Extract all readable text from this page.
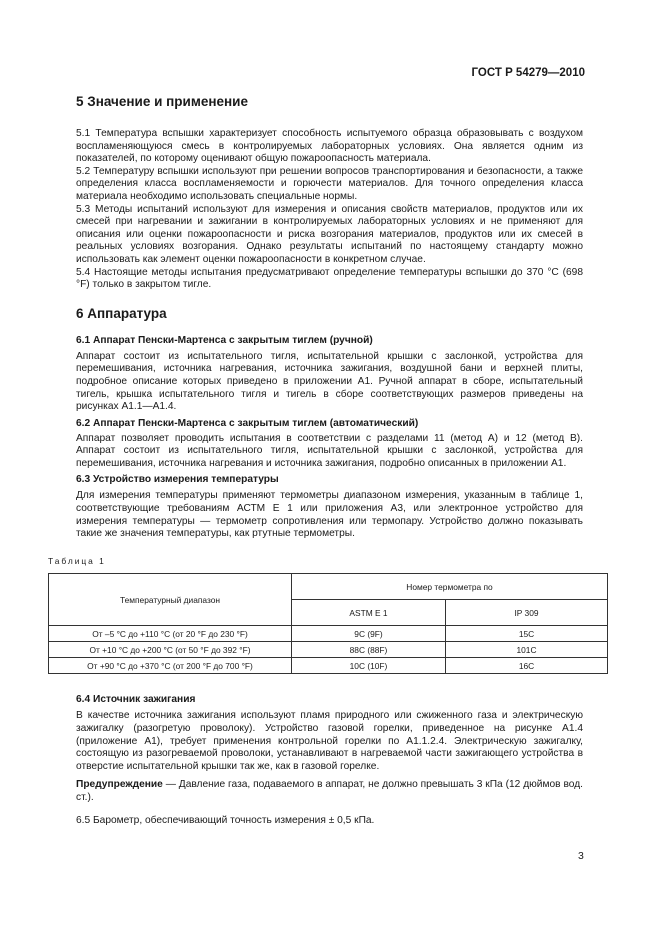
ГОСТ Р 54279—2010
5 Значение и применение

5.1 Температура вспышки характеризует способность испытуемого образца образовывать с воздухом воспламеняющуюся смесь в контролируемых лабораторных условиях. Она является одним из показателей, по которому оценивают общую пожароопасность материала.

5.2 Температуру вспышки используют при решении вопросов транспортирования и безопасности, а также определения класса воспламеняемости и горючести материалов. Для точного определения класса материала необходимо использовать специальные нормы.

5.3 Методы испытаний используют для измерения и описания свойств материалов, продуктов или их смесей при нагревании и зажигании в контролируемых лабораторных условиях и не применяют для описания или оценки пожароопасности и риска возгорания материалов, продуктов или их смесей в реальных условиях возгорания. Однако результаты испытаний по настоящему стандарту можно использовать как элемент оценки пожароопасности в конкретном случае.

5.4 Настоящие методы испытания предусматривают определение температуры вспышки до 370 °С (698 °F) только в закрытом тигле.

6 Аппаратура
6.1 Аппарат Пенски-Мартенса с закрытым тиглем (ручной)

Аппарат состоит из испытательного тигля, испытательной крышки с заслонкой, устройства для перемешивания, источника нагревания, источника зажигания, воздушной бани и верхней плиты, подробное описание которых приведено в приложении А1. Ручной аппарат в сборе, испытательный тигель, крышка испытательного тигля и тигель в сборе соответствующих размеров приведены на рисунках А1.1—А1.4.

6.2 Аппарат Пенски-Мартенса с закрытым тиглем (автоматический)

Аппарат позволяет проводить испытания в соответствии с разделами 11 (метод А) и 12 (метод В). Аппарат состоит из испытательного тигля, испытательной крышки с заслонкой, устройства для перемешивания, источника нагревания и источника зажигания, подробно описанных в приложении А1.

6.3 Устройство измерения температуры

Для измерения температуры применяют термометры диапазоном измерения, указанным в таблице 1, соответствующие требованиям АСТМ Е 1 или приложения А3, или электронное устройство для измерения температуры — термометр сопротивления или термопару. Устройство должно показывать такие же значения температуры, как ртутные термометры.

Таблица 1

Температурный диапазон	Номер термометра по	
	ASTM E 1	IP 309
От –5 °С до +110 °С (от 20 °F до 230 °F)	9C (9F)	15C
От +10 °С до +200 °С (от 50 °F до 392 °F)	88C (88F)	101C
От +90 °С до +370 °С (от 200 °F до 700 °F)	10C (10F)	16C
6.4 Источник зажигания

В качестве источника зажигания используют пламя природного или сжиженного газа и электрическую зажигалку (разогретую проволоку). Устройство газовой горелки, приведенное на рисунке А1.4 (приложение А1), требует применения контрольной горелки по А1.1.2.4. Электрическую зажигалку, состоящую из разогреваемой проволоки, устанавливают в нагреваемой части зажигающего устройства в отверстие испытательной крышки так же, как в газовой горелке.

Предупреждение — Давление газа, подаваемого в аппарат, не должно превышать 3 кПа (12 дюймов вод. ст.).

6.5 Барометр, обеспечивающий точность измерения ± 0,5 кПа.

3
